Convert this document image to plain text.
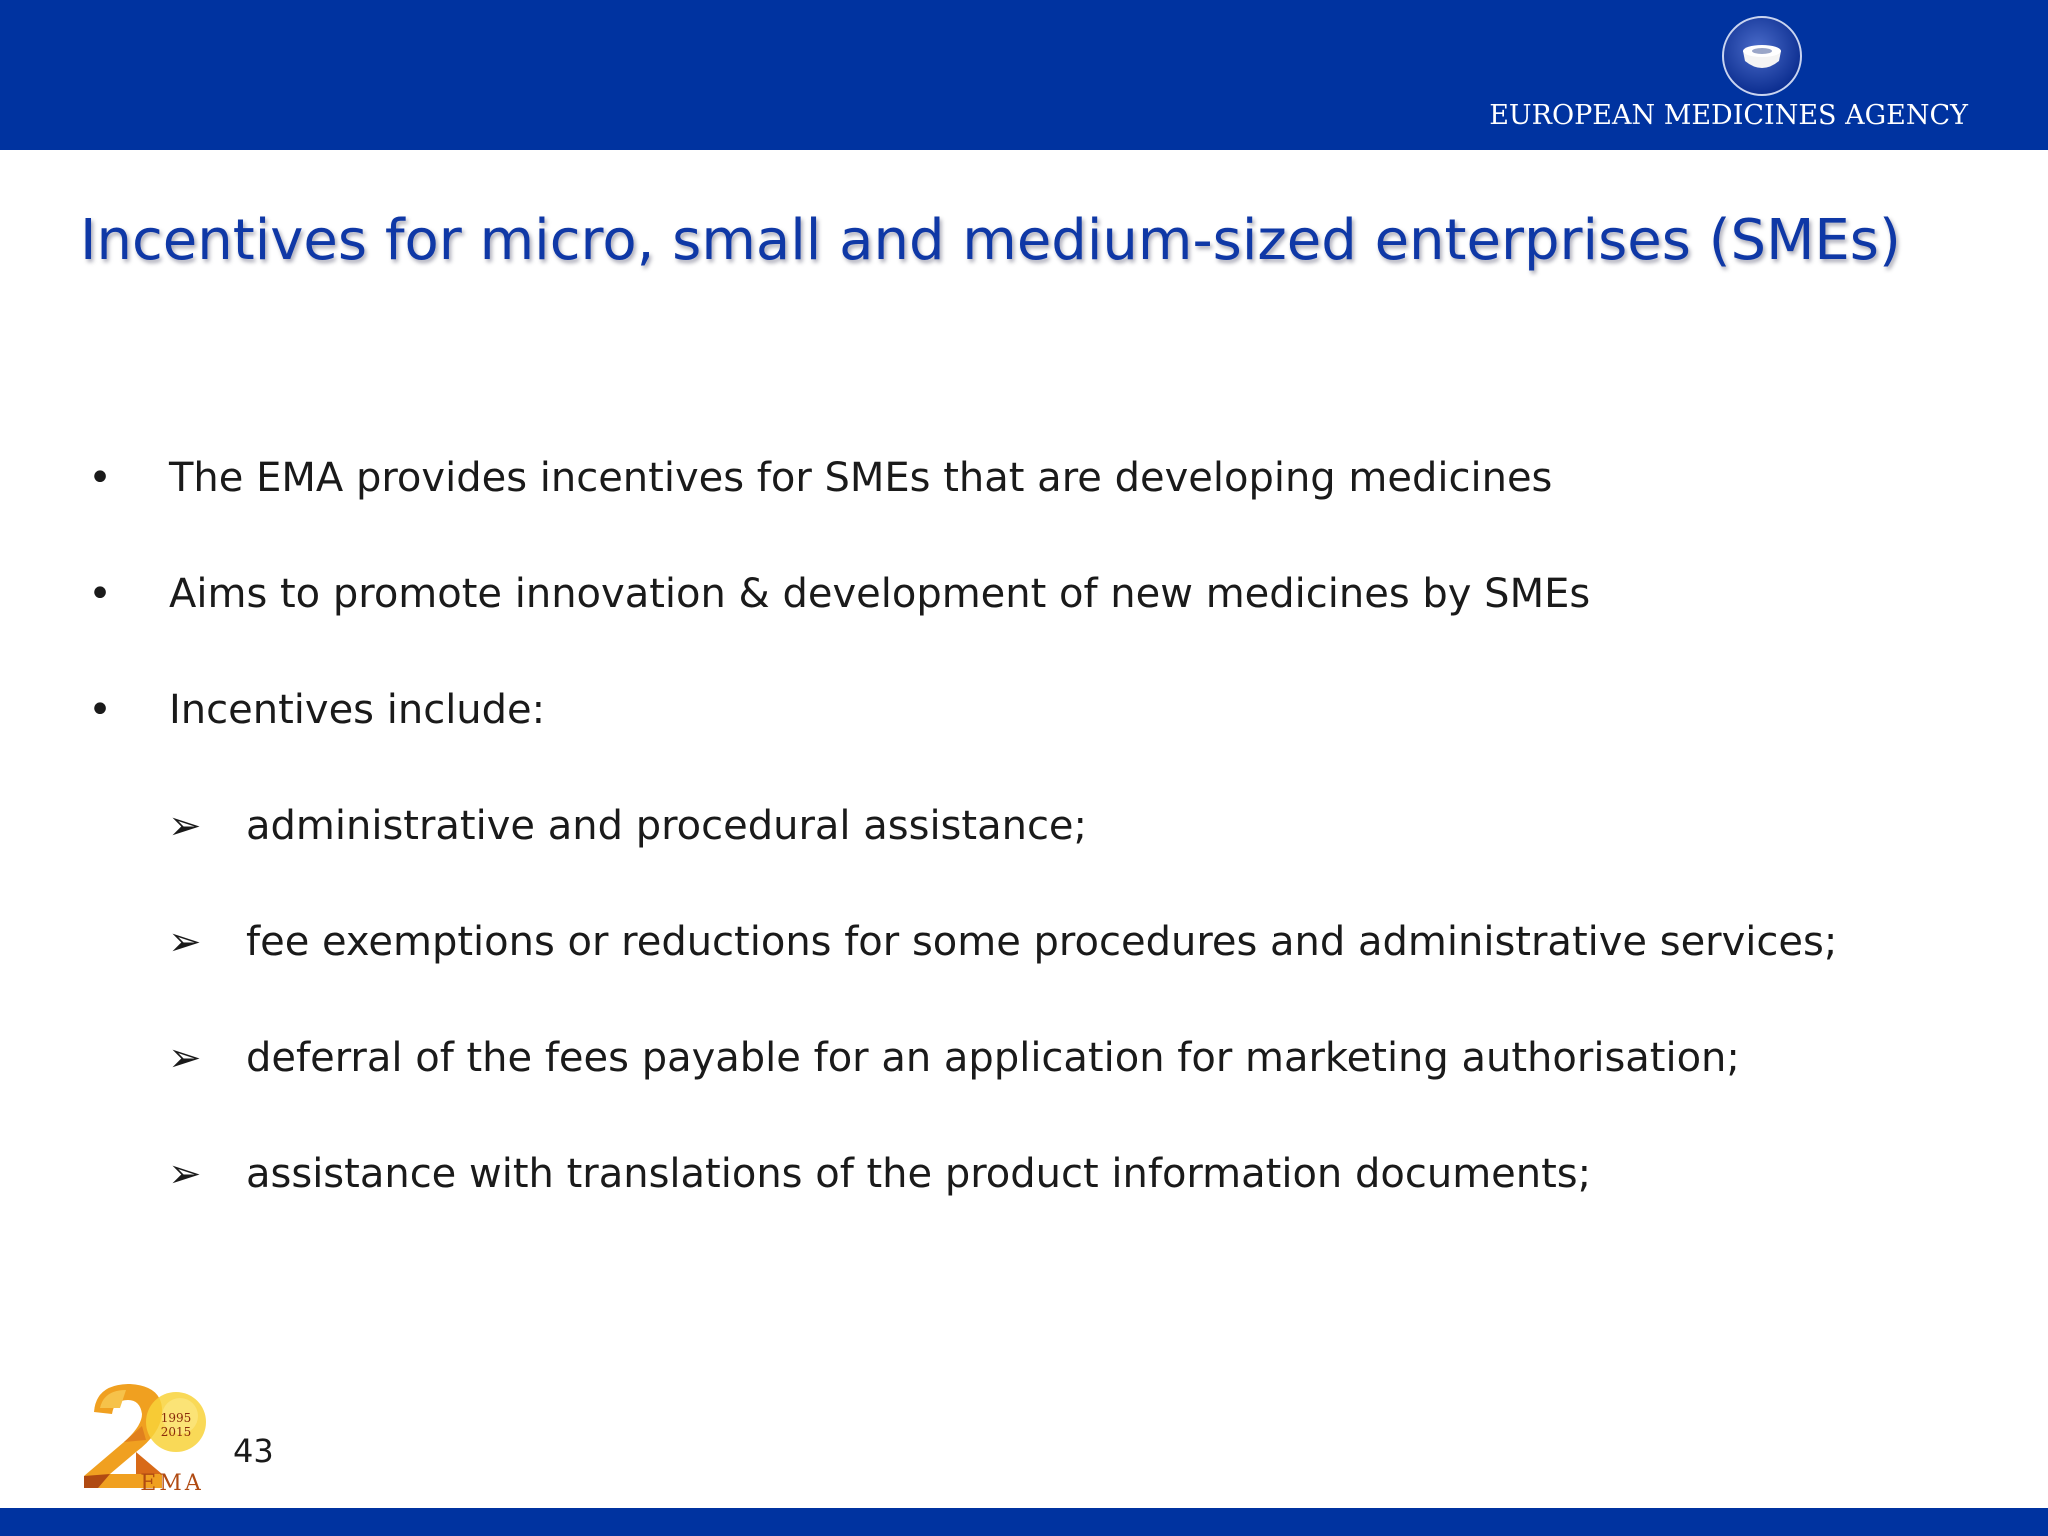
EUROPEAN MEDICINES AGENCY
Incentives for micro, small and medium-sized enterprises (SMEs)
• The EMA provides incentives for SMEs that are developing medicines
• Aims to promote innovation & development of new medicines by SMEs
• Incentives include:
➢ administrative and procedural assistance;
➢ fee exemptions or reductions for some procedures and administrative services;
➢ deferral of the fees payable for an application for marketing authorisation;
➢ assistance with translations of the product information documents;
1995
2015
EMA
43
